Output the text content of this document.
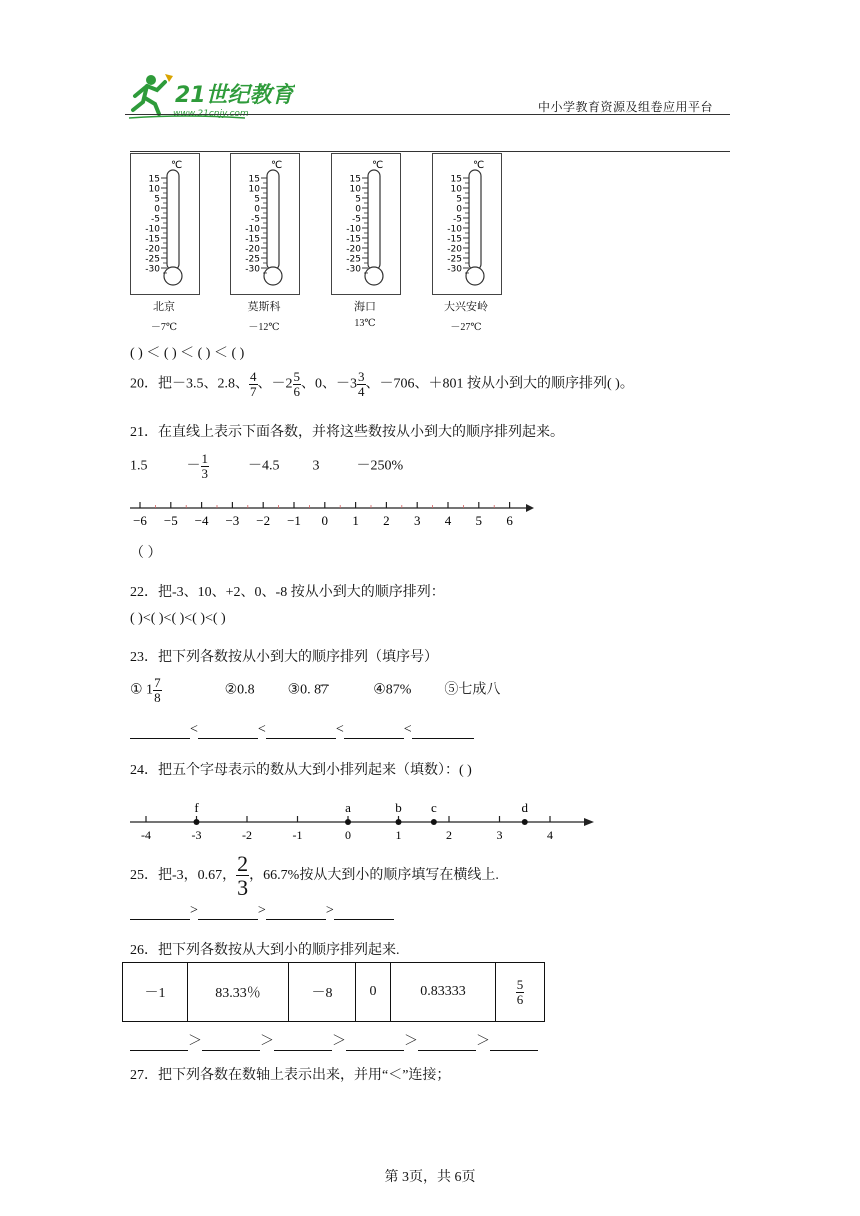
21世纪教育
www.21cnjy.com	中小学教育资源及组卷应用平台
℃
15
10
5
0
-5
-10
-15
-20
-25
-30
北京
－7℃
℃
15
10
5
0
-5
-10
-15
-20
-25
-30
莫斯科
－12℃
℃
15
10
5
0
-5
-10
-15
-20
-25
-30
海口
13℃
℃
15
10
5
0
-5
-10
-15
-20
-25
-30
大兴安岭
－27℃
( ) ＜ ( ) ＜ ( ) ＜ ( )
20．把－3.5、2.8、 $\frac{4}{7}$ 、$-2 \frac{5}{6}$ 、0、$-3 \frac{3}{4}$ 、－706、＋801 按从小到大的顺序排列( )。
21．在直线上表示下面各数，并将这些数按从小到大的顺序排列起来。
1.5	－ $\frac{1}{3}$	－4.5 3	－250%
−6 −5 −4 −3 −2 −1 0 1 2 3 4 5 6
（ ）
22．把-3、10、+2、0、-8 按从小到大的顺序排列：
( )<( )<( )<( )<( )
23．把下列各数按从小到大的顺序排列（填序号）
① $1 \frac{7}{8}$	②0.8 ③0. 8̇7̇	④87% ⑤七成八
<	<	<	<
24．把五个字母表示的数从大到小排列起来（填数）：( )
-4	-3	-2	-1	0	1	2	3	4
f	a	b c	d
25．把-3，0.67， $\frac{2}{3}$ ，66.7%按从大到小的顺序填写在横线上.
>	>	>
26．把下列各数按从大到小的顺序排列起来.
－1	83.33％	－8	0	0.83333	$\frac{5}{6}$
＞	＞	＞	＞	＞
27．把下列各数在数轴上表示出来，并用“＜”连接；
第 3页，共 6页
